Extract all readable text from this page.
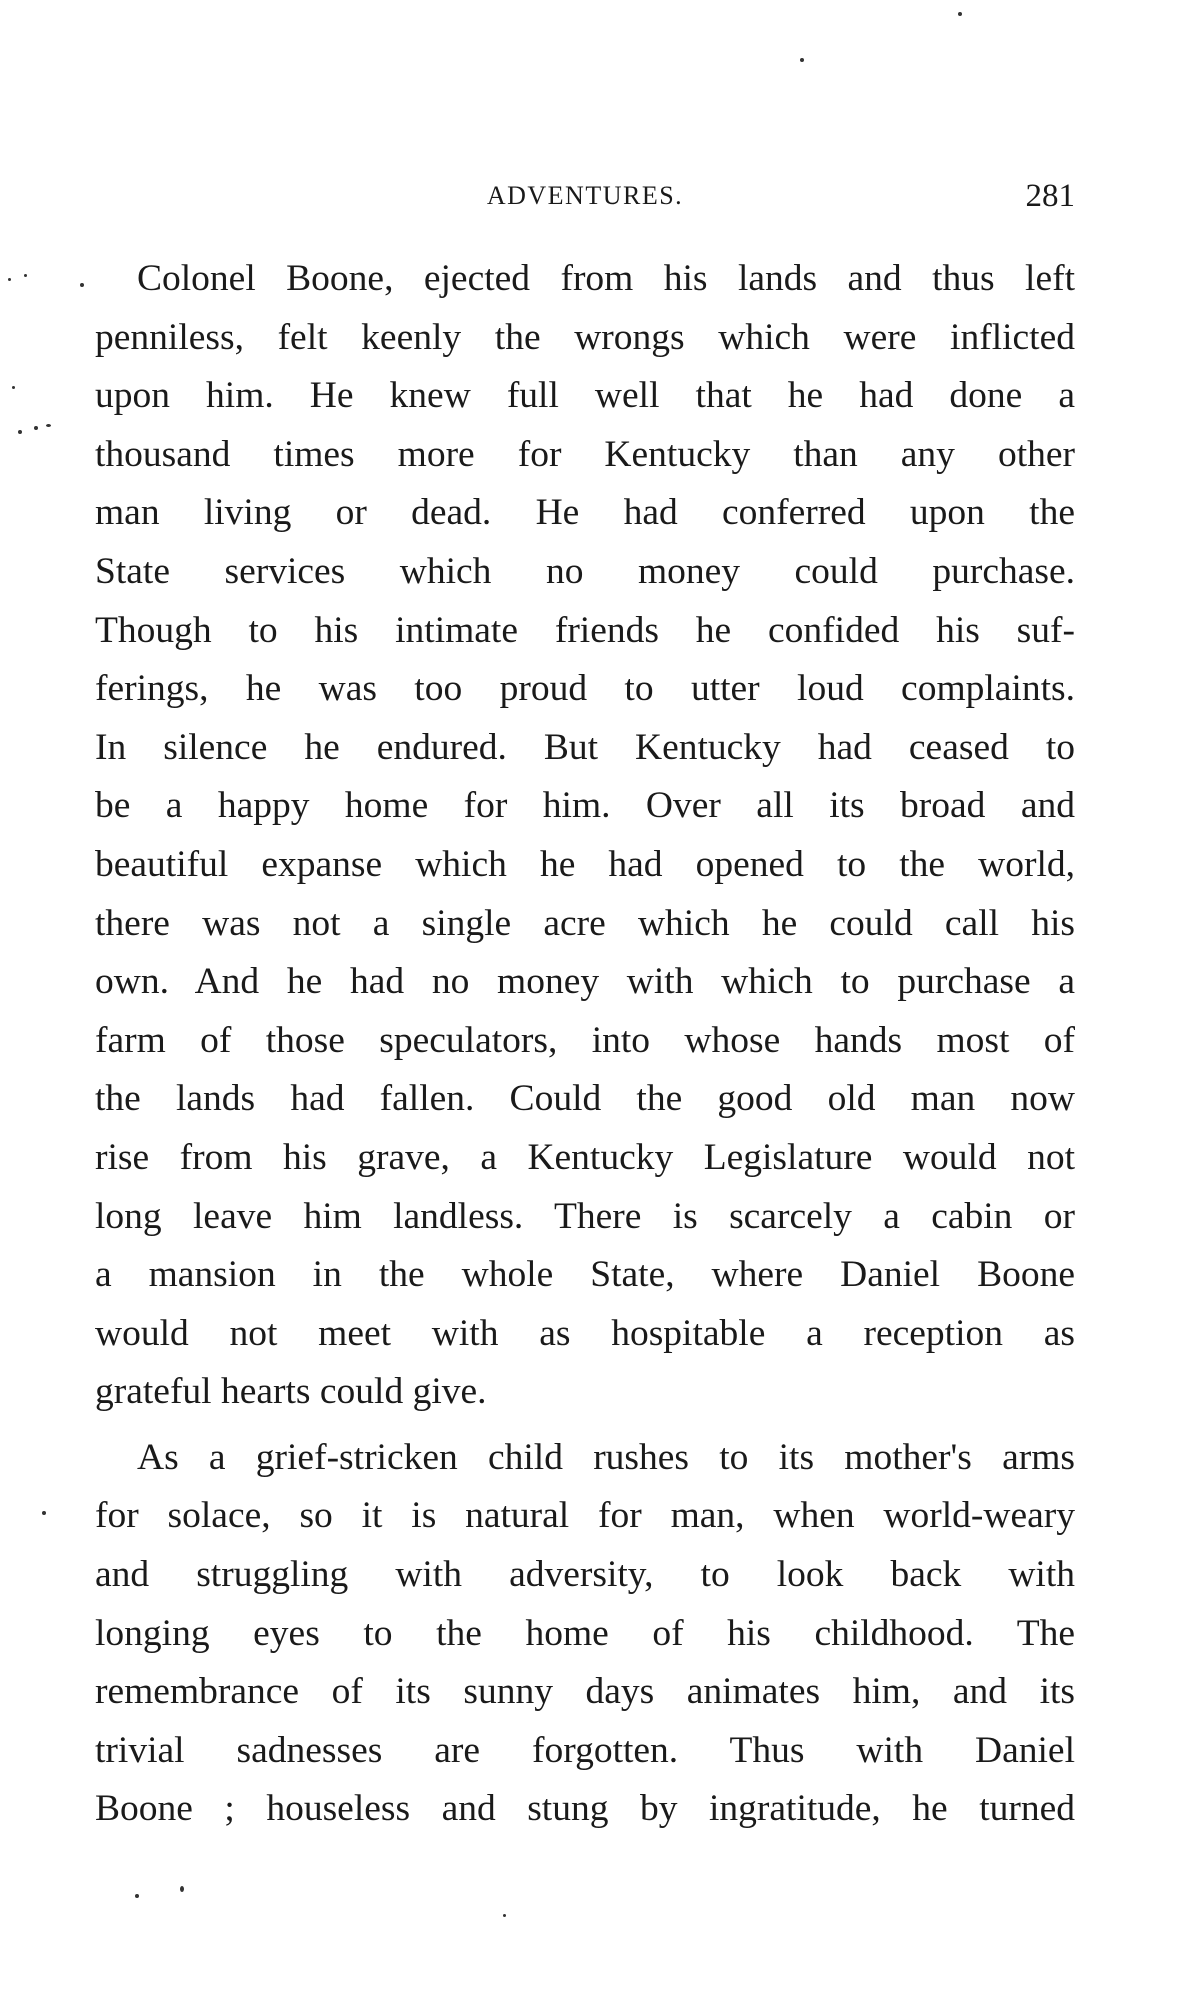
ADVENTURES.	281
Colonel Boone, ejected from his lands and thus left
penniless, felt keenly the wrongs which were inflicted
upon him. He knew full well that he had done a
thousand times more for Kentucky than any other
man living or dead. He had conferred upon the
State services which no money could purchase.
Though to his intimate friends he confided his suf-
ferings, he was too proud to utter loud complaints.
In silence he endured. But Kentucky had ceased to
be a happy home for him. Over all its broad and
beautiful expanse which he had opened to the world,
there was not a single acre which he could call his
own. And he had no money with which to purchase a
farm of those speculators, into whose hands most of
the lands had fallen. Could the good old man now
rise from his grave, a Kentucky Legislature would not
long leave him landless. There is scarcely a cabin or
a mansion in the whole State, where Daniel Boone
would not meet with as hospitable a reception as
grateful hearts could give.
As a grief-stricken child rushes to its mother's arms
for solace, so it is natural for man, when world-weary
and struggling with adversity, to look back with
longing eyes to the home of his childhood. The
remembrance of its sunny days animates him, and its
trivial sadnesses are forgotten. Thus with Daniel
Boone ; houseless and stung by ingratitude, he turned
